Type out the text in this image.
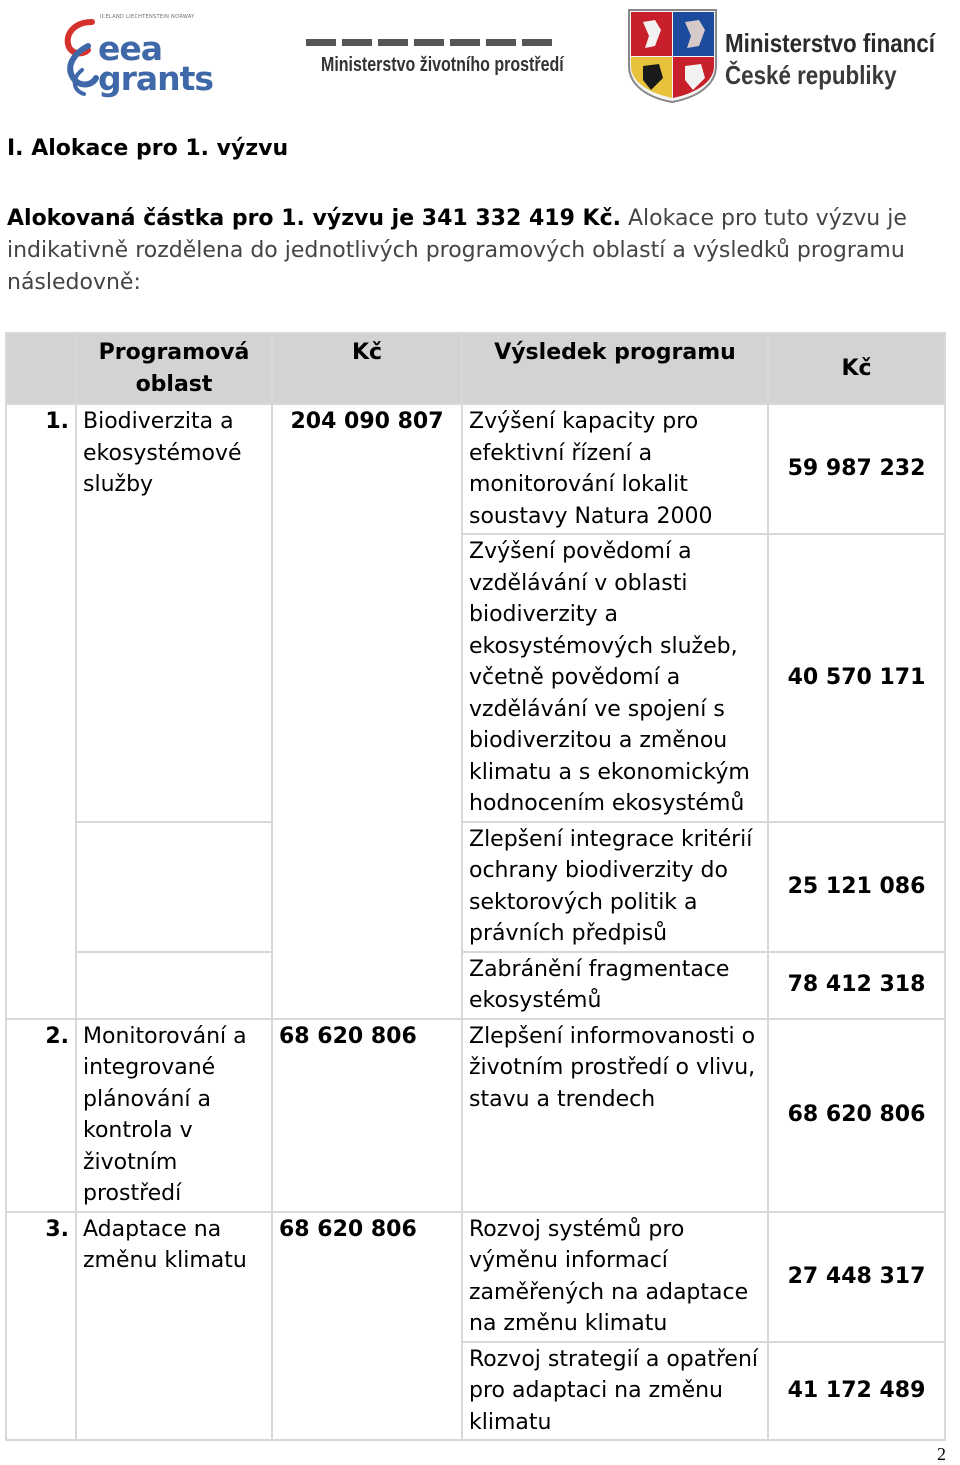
ICELAND LIECHTENSTEIN NORWAY
eea
grants	Ministerstvo životního prostředí
Ministerstvo financí
České republiky
I. Alokace pro 1. výzvu
Alokovaná částka pro 1. výzvu je 341 332 419 Kč. Alokace pro tuto výzvu je indikativně rozdělena do jednotlivých programových oblastí a výsledků programu následovně:
	Programová oblast	Kč	Výsledek programu	Kč
1.	Biodiverzita a ekosystémové služby	204 090 807	Zvýšení kapacity pro efektivní řízení a monitorování lokalit soustavy Natura 2000	59 987 232
			Zvýšení povědomí a vzdělávání v oblasti biodiverzity a ekosystémových služeb, včetně povědomí a vzdělávání ve spojení s biodiverzitou a změnou klimatu a s ekonomickým hodnocením ekosystémů	40 570 171
			Zlepšení integrace kritérií ochrany biodiverzity do sektorových politik a právních předpisů	25 121 086
			Zabránění fragmentace ekosystémů	78 412 318
2.	Monitorování a integrované plánování a kontrola v životním prostředí	68 620 806	Zlepšení informovanosti o životním prostředí o vlivu, stavu a trendech	68 620 806
3.	Adaptace na změnu klimatu	68 620 806	Rozvoj systémů pro výměnu informací zaměřených na adaptace na změnu klimatu	27 448 317
			Rozvoj strategií a opatření pro adaptaci na změnu klimatu	41 172 489
2
